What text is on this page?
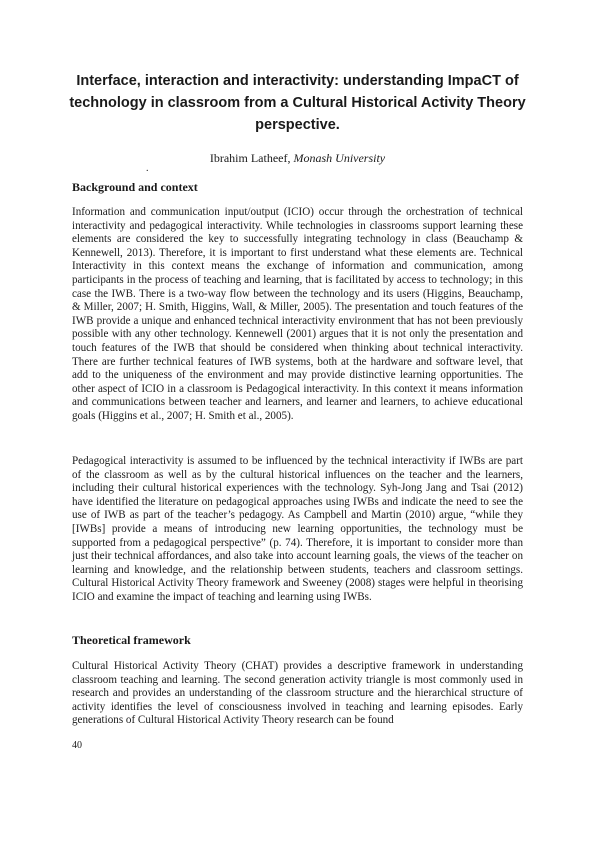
Interface, interaction and interactivity: understanding ImpaCT of technology in classroom from a Cultural Historical Activity Theory perspective.
Ibrahim Latheef, Monash University
.
Background and context

Information and communication input/output (ICIO) occur through the orchestration of technical interactivity and pedagogical interactivity. While technologies in classrooms support learning these elements are considered the key to successfully integrating technology in class (Beauchamp & Kennewell, 2013). Therefore, it is important to first understand what these elements are. Technical Interactivity in this context means the exchange of information and communication, among participants in the process of teaching and learning, that is facilitated by access to technology; in this case the IWB. There is a two-way flow between the technology and its users (Higgins, Beauchamp, & Miller, 2007; H. Smith, Higgins, Wall, & Miller, 2005). The presentation and touch features of the IWB provide a unique and enhanced technical interactivity environment that has not been previously possible with any other technology. Kennewell (2001) argues that it is not only the presentation and touch features of the IWB that should be considered when thinking about technical interactivity. There are further technical features of IWB systems, both at the hardware and software level, that add to the uniqueness of the environment and may provide distinctive learning opportunities. The other aspect of ICIO in a classroom is Pedagogical interactivity. In this context it means information and communications between teacher and learners, and learner and learners, to achieve educational goals (Higgins et al., 2007; H. Smith et al., 2005).

Pedagogical interactivity is assumed to be influenced by the technical interactivity if IWBs are part of the classroom as well as by the cultural historical influences on the teacher and the learners, including their cultural historical experiences with the technology. Syh-Jong Jang and Tsai (2012) have identified the literature on pedagogical approaches using IWBs and indicate the need to see the use of IWB as part of the teacher’s pedagogy. As Campbell and Martin (2010) argue, “while they [IWBs] provide a means of introducing new learning opportunities, the technology must be supported from a pedagogical perspective” (p. 74). Therefore, it is important to consider more than just their technical affordances, and also take into account learning goals, the views of the teacher on learning and knowledge, and the relationship between students, teachers and classroom settings. Cultural Historical Activity Theory framework and Sweeney (2008) stages were helpful in theorising ICIO and examine the impact of teaching and learning using IWBs.

Theoretical framework

Cultural Historical Activity Theory (CHAT) provides a descriptive framework in understanding classroom teaching and learning. The second generation activity triangle is most commonly used in research and provides an understanding of the classroom structure and the hierarchical structure of activity identifies the level of consciousness involved in teaching and learning episodes. Early generations of Cultural Historical Activity Theory research can be found

40
